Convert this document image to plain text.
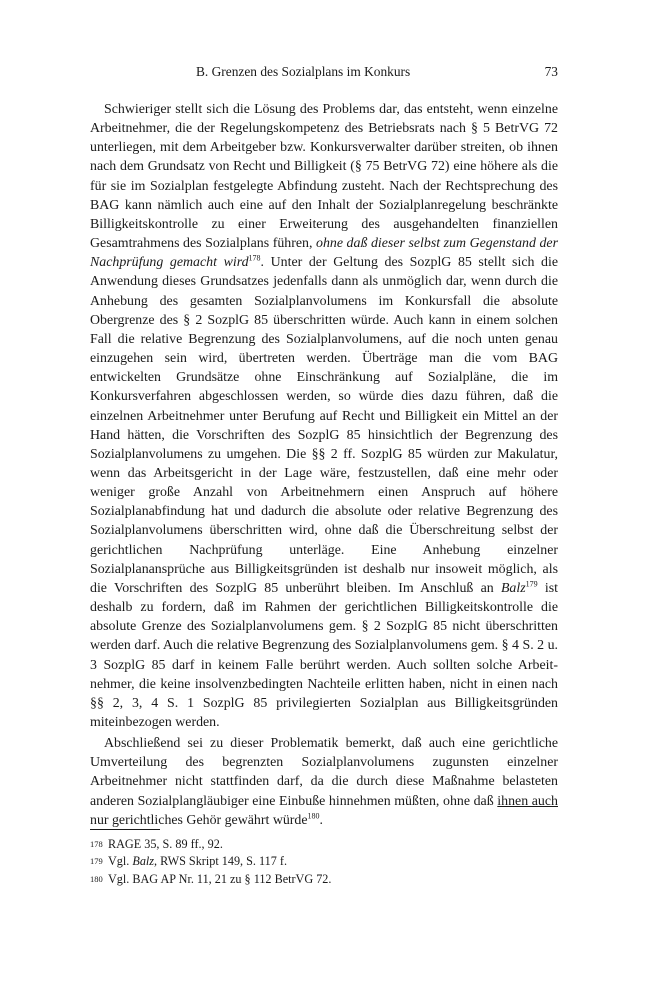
B. Grenzen des Sozialplans im Konkurs	73

Schwieriger stellt sich die Lösung des Problems dar, das entsteht, wenn einzelne Arbeitnehmer, die der Regelungskompetenz des Betriebsrats nach § 5 BetrVG 72 unterliegen, mit dem Arbeitgeber bzw. Konkursverwalter darüber streiten, ob ihnen nach dem Grundsatz von Recht und Billigkeit (§ 75 BetrVG 72) eine höhere als die für sie im Sozialplan festgelegte Abfindung zusteht. Nach der Rechtsprechung des BAG kann nämlich auch eine auf den Inhalt der Sozialplanregelung beschränkte Billigkeitskontrolle zu einer Erweiterung des ausgehandelten finanziellen Gesamtrahmens des Sozialplans führen, ohne daß dieser selbst zum Gegenstand der Nachprüfung gemacht wird$^{178}$. Unter der Geltung des SozplG 85 stellt sich die Anwendung dieses Grundsatzes jedenfalls dann als unmöglich dar, wenn durch die Anhebung des gesamten Sozialplanvolumens im Konkursfall die absolute Obergrenze des § 2 SozplG 85 überschritten würde. Auch kann in einem solchen Fall die relative Begrenzung des Sozialplanvolumens, auf die noch unten genau einzugehen sein wird, übertreten werden. Überträge man die vom BAG entwickelten Grundsätze ohne Einschränkung auf Sozialpläne, die im Konkursverfahren abgeschlossen werden, so würde dies dazu führen, daß die einzelnen Arbeitnehmer unter Berufung auf Recht und Billigkeit ein Mittel an der Hand hätten, die Vorschriften des SozplG 85 hinsichtlich der Begrenzung des Sozialplanvolumens zu umgehen. Die §§ 2 ff. SozplG 85 würden zur Makulatur, wenn das Arbeitsgericht in der Lage wäre, festzustellen, daß eine mehr oder weniger große Anzahl von Arbeitnehmern einen Anspruch auf höhere Sozialplanabfindung hat und dadurch die absolute oder relative Begrenzung des Sozialplanvolumens überschritten wird, ohne daß die Überschreitung selbst der gerichtlichen Nachprüfung unterläge. Eine Anhebung einzelner Sozialplanansprüche aus Billigkeitsgründen ist deshalb nur insoweit möglich, als die Vorschriften des SozplG 85 unberührt bleiben. Im Anschluß an Balz$^{179}$ ist deshalb zu fordern, daß im Rahmen der gerichtlichen Billigkeitskontrolle die absolute Grenze des Sozialplanvolumens gem. § 2 SozplG 85 nicht überschritten werden darf. Auch die relative Begrenzung des Sozialplanvolumens gem. § 4 S. 2 u. 3 SozplG 85 darf in keinem Falle berührt werden. Auch sollten solche Arbeitnehmer, die keine insolvenzbedingten Nachteile erlitten haben, nicht in einen nach §§ 2, 3, 4 S. 1 SozplG 85 privilegierten Sozialplan aus Billigkeitsgründen miteinbezogen werden.

Abschließend sei zu dieser Problematik bemerkt, daß auch eine gerichtliche Umverteilung des begrenzten Sozialplanvolumens zugunsten einzelner Arbeitnehmer nicht stattfinden darf, da die durch diese Maßnahme belasteten anderen Sozialplangläubiger eine Einbuße hinnehmen müßten, ohne daß ihnen auch nur gerichtliches Gehör gewährt würde$^{180}$.

178 RAGE 35, S. 89 ff., 92.
179 Vgl. Balz, RWS Skript 149, S. 117 f.
180 Vgl. BAG AP Nr. 11, 21 zu § 112 BetrVG 72.
